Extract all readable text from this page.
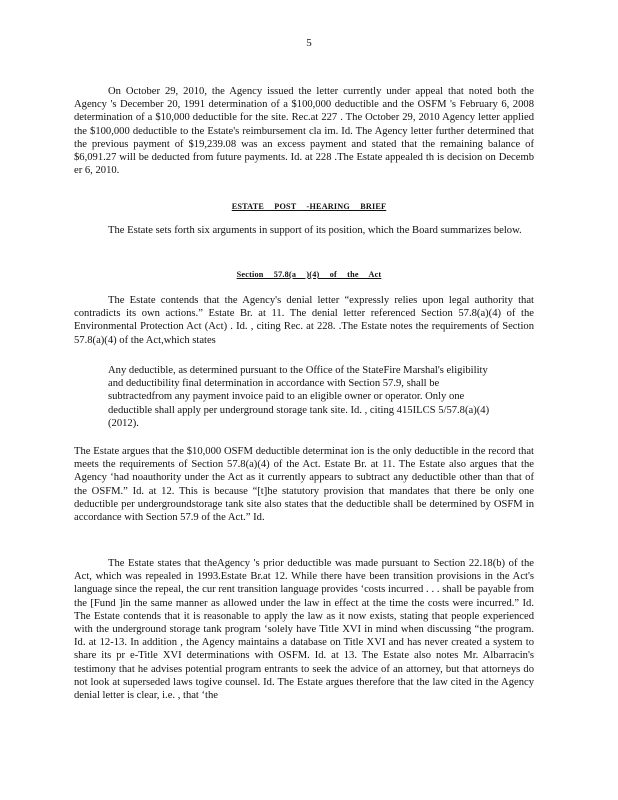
5
On October 29, 2010, the Agency issued the letter currently under appeal that noted both the Agency 's December 20, 1991 determination of a $100,000 deductible and the OSFM 's February 6, 2008 determination of a $10,000 deductible for the site. Rec.at 227 . The October 29, 2010 Agency letter applied the $100,000 deductible to the Estate's reimbursement cla im. Id. The Agency letter further determined that the previous payment of $19,239.08 was an excess payment and stated that the remaining balance of $6,091.27 will be deducted from future payments. Id. at 228 .The Estate appealed th is decision on Decemb er 6, 2010.
ESTATE POST -HEARING BRIEF
The Estate sets forth six arguments in support of its position, which the Board summarizes below.
Section 57.8(a )(4) of the Act
The Estate contends that the Agency's denial letter “expressly relies upon legal authority that contradicts its own actions.” Estate Br. at 11. The denial letter referenced Section 57.8(a)(4) of the Environmental Protection Act (Act) . Id. , citing Rec. at 228. .The Estate notes the requirements of Section 57.8(a)(4) of the Act,which states
Any deductible, as determined pursuant to the Office of the StateFire Marshal's eligibility and deductibility final determination in accordance with Section 57.9, shall be subtractedfrom any payment invoice paid to an eligible owner or operator. Only one deductible shall apply per underground storage tank site. Id. , citing 415ILCS 5/57.8(a)(4) (2012).
The Estate argues that the $10,000 OSFM deductible determinat ion is the only deductible in the record that meets the requirements of Section 57.8(a)(4) of the Act. Estate Br. at 11. The Estate also argues that the Agency ‘had noauthority under the Act as it currently appears to subtract any deductible other than that of the OSFM.” Id. at 12. This is because “[t]he statutory provision that mandates that there be only one deductible per undergroundstorage tank site also states that the deductible shall be determined by OSFM in accordance with Section 57.9 of the Act.” Id.
The Estate states that theAgency 's prior deductible was made pursuant to Section 22.18(b) of the Act, which was repealed in 1993.Estate Br.at 12. While there have been transition provisions in the Act's language since the repeal, the cur rent transition language provides ‘costs incurred . . . shall be payable from the [Fund ]in the same manner as allowed under the law in effect at the time the costs were incurred.” Id. The Estate contends that it is reasonable to apply the law as it now exists, stating that people experienced with the underground storage tank program ‘solely have Title XVI in mind when discussing “the program. Id. at 12-13. In addition , the Agency maintains a database on Title XVI and has never created a system to share its pr e-Title XVI determinations with OSFM. Id. at 13. The Estate also notes Mr. Albarracin's testimony that he advises potential program entrants to seek the advice of an attorney, but that attorneys do not look at superseded laws togive counsel. Id. The Estate argues therefore that the law cited in the Agency denial letter is clear, i.e. , that ‘the
